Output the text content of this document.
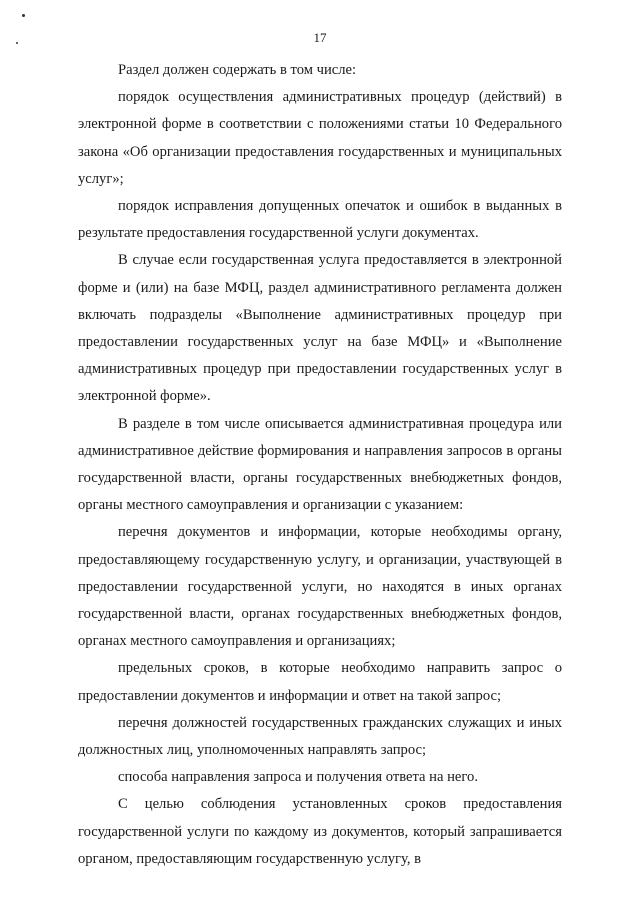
17

Раздел должен содержать в том числе:

порядок осуществления административных процедур (действий) в электронной форме в соответствии с положениями статьи 10 Федерального закона «Об организации предоставления государственных и муниципальных услуг»;

порядок исправления допущенных опечаток и ошибок в выданных в результате предоставления государственной услуги документах.

В случае если государственная услуга предоставляется в электронной форме и (или) на базе МФЦ, раздел административного регламента должен включать подразделы «Выполнение административных процедур при предоставлении государственных услуг на базе МФЦ» и «Выполнение административных процедур при предоставлении государственных услуг в электронной форме».

В разделе в том числе описывается административная процедура или административное действие формирования и направления запросов в органы государственной власти, органы государственных внебюджетных фондов, органы местного самоуправления и организации с указанием:

перечня документов и информации, которые необходимы органу, предоставляющему государственную услугу, и организации, участвующей в предоставлении государственной услуги, но находятся в иных органах государственной власти, органах государственных внебюджетных фондов, органах местного самоуправления и организациях;

предельных сроков, в которые необходимо направить запрос о предоставлении документов и информации и ответ на такой запрос;

перечня должностей государственных гражданских служащих и иных должностных лиц, уполномоченных направлять запрос;

способа направления запроса и получения ответа на него.

С целью соблюдения установленных сроков предоставления государственной услуги по каждому из документов, который запрашивается органом, предоставляющим государственную услугу, в
